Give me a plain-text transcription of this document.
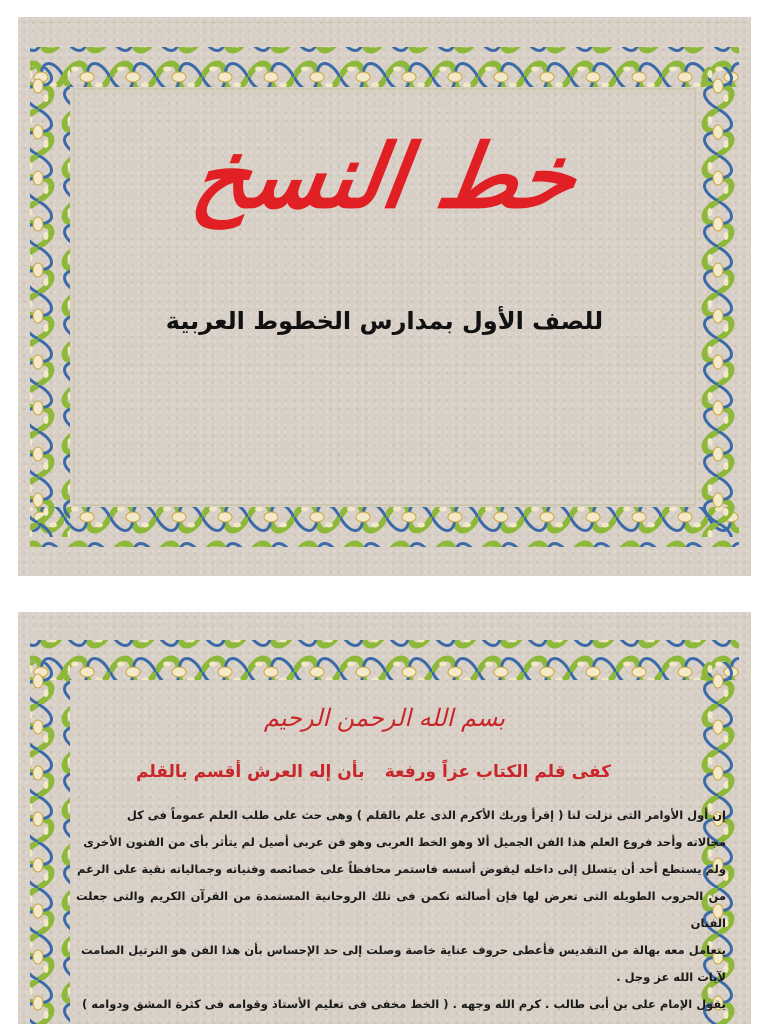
خط النسخ
للصف الأول بمدارس الخطوط العربية
بسم الله الرحمن الرحيم
كفى قلم الكتاب عزاً ورفعة
بأن إله العرش أقسم بالقلم

إن أول الأوامر التى نزلت لنا ( إقرأ وربك الأكرم الذى علم بالقلم ) وهى حث على طلب العلم عموماً فى كل

مجالاته وأحد فروع العلم هذا الفن الجميل ألا وهو الخط العربى وهو فن عربى أصيل لم يتأثر بأى من الفنون الأخرى

ولم يستطع أحد أن يتسلل إلى داخله ليقوض أسسه فاستمر محافظاً على خصائصه وفنياته وجمالياته نقية على الرغم

من الحروب الطويله التى تعرض لها فإن أصالته تكمن فى تلك الروحانية المستمدة من القرآن الكريم والتى جعلت الفنان

يتعامل معه بهالة من التقديس فأعطى حروف عناية خاصة وصلت إلى حد الإحساس بأن هذا الفن هو الترتيل الصامت

لآيات الله عز وجل .

يقول الإمام على بن أبى طالب . كرم الله وجهه . ( الخط مخفى فى تعليم الأستاذ وقوامه فى كثرة المشق ودوامه )
